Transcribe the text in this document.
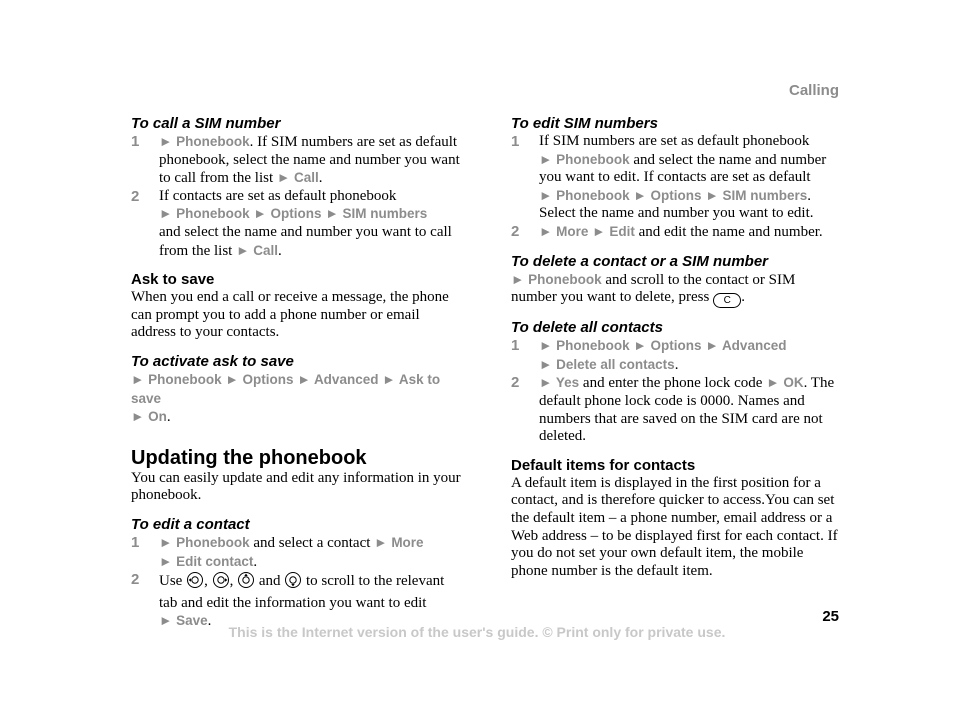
Calling
To call a SIM number
1	► Phonebook. If SIM numbers are set as default phonebook, select the name and number you want to call from the list ► Call.
2	If contacts are set as default phonebook
► Phonebook ► Options ► SIM numbers
and select the name and number you want to call from the list ► Call.
Ask to save

When you end a call or receive a message, the phone can prompt you to add a phone number or email address to your contacts.

To activate ask to save

► Phonebook ► Options ► Advanced ► Ask to save
► On.

Updating the phonebook

You can easily update and edit any information in your phonebook.

To edit a contact
1	► Phonebook and select a contact ► More
► Edit contact.
2	Use , ,  and to scroll to the relevant tab and edit the information you want to edit
► Save.
To edit SIM numbers
1	If SIM numbers are set as default phonebook
► Phonebook and select the name and number you want to edit. If contacts are set as default
► Phonebook ► Options ► SIM numbers.
Select the name and number you want to edit.
2	► More ► Edit and edit the name and number.
To delete a contact or a SIM number

► Phonebook and scroll to the contact or SIM number you want to delete, press C .

To delete all contacts
1	► Phonebook ► Options ► Advanced
► Delete all contacts.
2	► Yes and enter the phone lock code ► OK. The default phone lock code is 0000. Names and numbers that are saved on the SIM card are not deleted.
Default items for contacts

A default item is displayed in the first position for a contact, and is therefore quicker to access.You can set the default item – a phone number, email address or a Web address – to be displayed first for each contact. If you do not set your own default item, the mobile phone number is the default item.

25
This is the Internet version of the user's guide. © Print only for private use.
